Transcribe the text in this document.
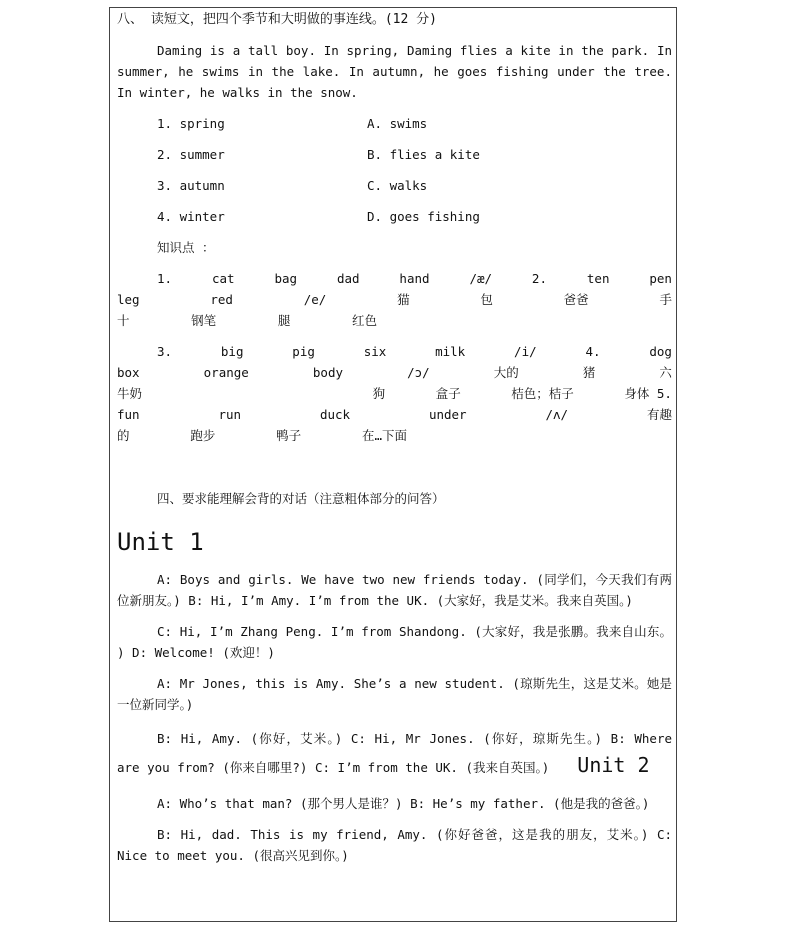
八、 读短文，把四个季节和大明做的事连线。(12 分)

Daming is a tall boy. In spring, Daming flies a kite in the park. In summer, he swims in the lake. In autumn, he goes fishing under the tree. In winter, he walks in the snow.

1. spring	A. swims
2. summer	B. flies a kite
3. autumn	C. walks
4. winter	D. goes fishing
知识点 ：
1.	cat	bag	dad	hand	/æ/	2.	ten	pen
leg	red	/e/	猫	包	爸爸	手
十	钢笔	腿	红色
3.	big	pig	six	milk	/i/	4.	dog
box	orange	body	/ɔ/	大的	猪	六
牛奶	狗	盒子	桔色；桔子	身体 5.
fun	run	duck	under	/ʌ/	有趣
的	跑步	鸭子	在…下面

四、要求能理解会背的对话（注意粗体部分的问答）

Unit 1

A: Boys and girls. We have two new friends today. (同学们，今天我们有两位新朋友。) B: Hi, I’m Amy. I’m from the UK. (大家好，我是艾米。我来自英国。)

C: Hi, I’m Zhang Peng. I’m from Shandong. (大家好，我是张鹏。我来自山东。 ) D: Welcome! (欢迎！)

A: Mr Jones, this is Amy. She’s a new student. (琼斯先生，这是艾米。她是一位新同学。)

B: Hi, Amy. (你好，艾米。) C: Hi, Mr Jones. (你好，琼斯先生。) B: Where are you from? (你来自哪里?) C: I’m from the UK. (我来自英国。) Unit 2

A: Who’s that man? (那个男人是谁？) B: He’s my father. (他是我的爸爸。)

B: Hi, dad. This is my friend, Amy. (你好爸爸，这是我的朋友，艾米。) C: Nice to meet you. (很高兴见到你。)
